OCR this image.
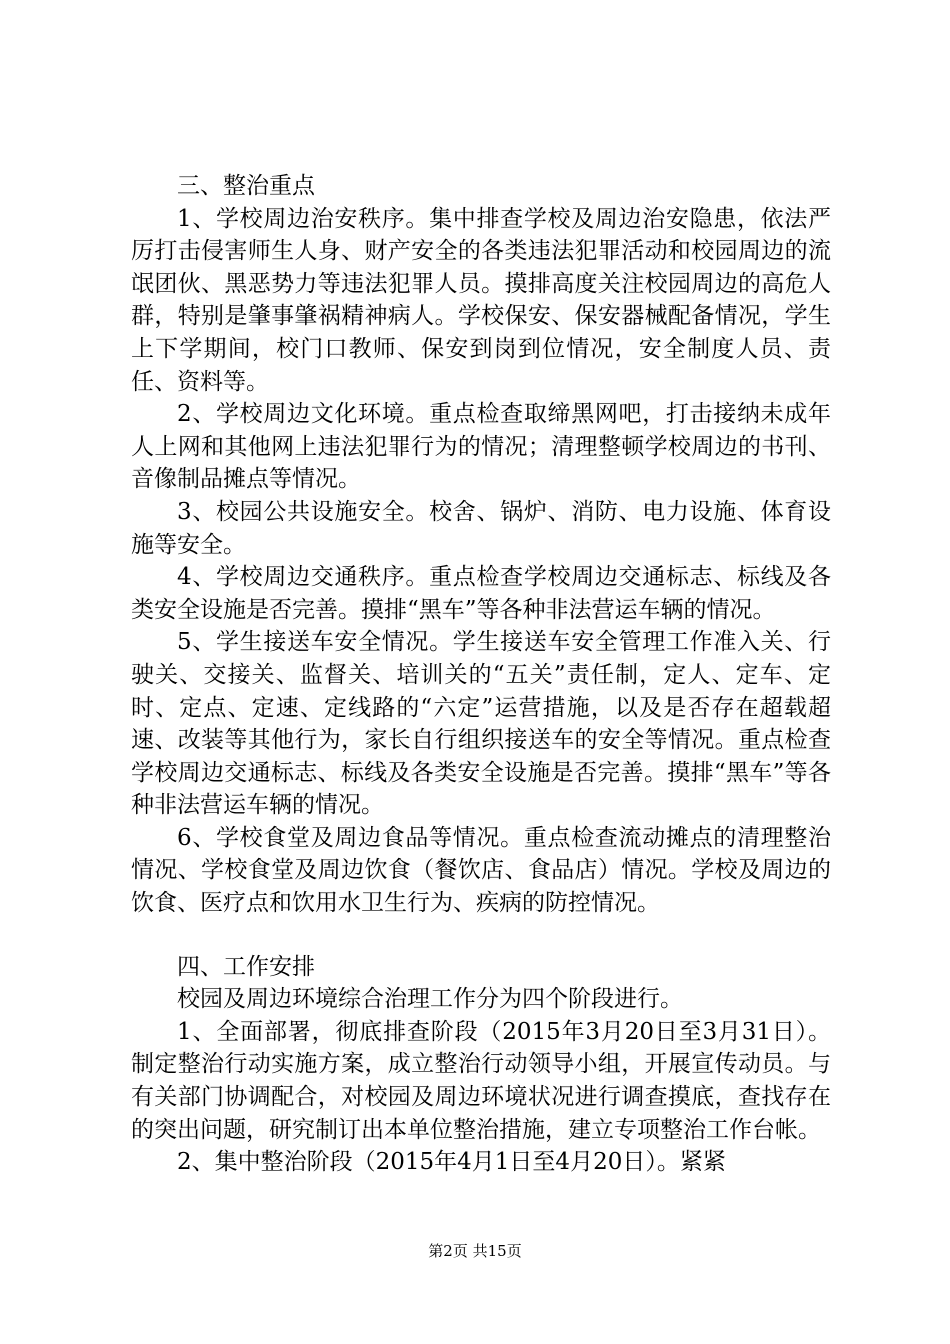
三、整治重点

1、学校周边治安秩序。集中排查学校及周边治安隐患，依法严厉打击侵害师生人身、财产安全的各类违法犯罪活动和校园周边的流氓团伙、黑恶势力等违法犯罪人员。摸排高度关注校园周边的高危人群，特别是肇事肇祸精神病人。学校保安、保安器械配备情况，学生上下学期间，校门口教师、保安到岗到位情况，安全制度人员、责任、资料等。

2、学校周边文化环境。重点检查取缔黑网吧，打击接纳未成年人上网和其他网上违法犯罪行为的情况；清理整顿学校周边的书刊、音像制品摊点等情况。

3、校园公共设施安全。校舍、锅炉、消防、电力设施、体育设施等安全。

4、学校周边交通秩序。重点检查学校周边交通标志、标线及各类安全设施是否完善。摸排“黑车”等各种非法营运车辆的情况。

5、学生接送车安全情况。学生接送车安全管理工作准入关、行驶关、交接关、监督关、培训关的“五关”责任制，定人、定车、定时、定点、定速、定线路的“六定”运营措施，以及是否存在超载超速、改装等其他行为，家长自行组织接送车的安全等情况。重点检查学校周边交通标志、标线及各类安全设施是否完善。摸排“黑车”等各种非法营运车辆的情况。

6、学校食堂及周边食品等情况。重点检查流动摊点的清理整治情况、学校食堂及周边饮食（餐饮店、食品店）情况。学校及周边的饮食、医疗点和饮用水卫生行为、疾病的防控情况。

四、工作安排

校园及周边环境综合治理工作分为四个阶段进行。

1、全面部署，彻底排查阶段（2015年3月20日至3月31日）。制定整治行动实施方案，成立整治行动领导小组，开展宣传动员。与有关部门协调配合，对校园及周边环境状况进行调查摸底，查找存在的突出问题，研究制订出本单位整治措施，建立专项整治工作台帐。

2、集中整治阶段（2015年4月1日至4月20日）。紧紧

第2页 共15页
